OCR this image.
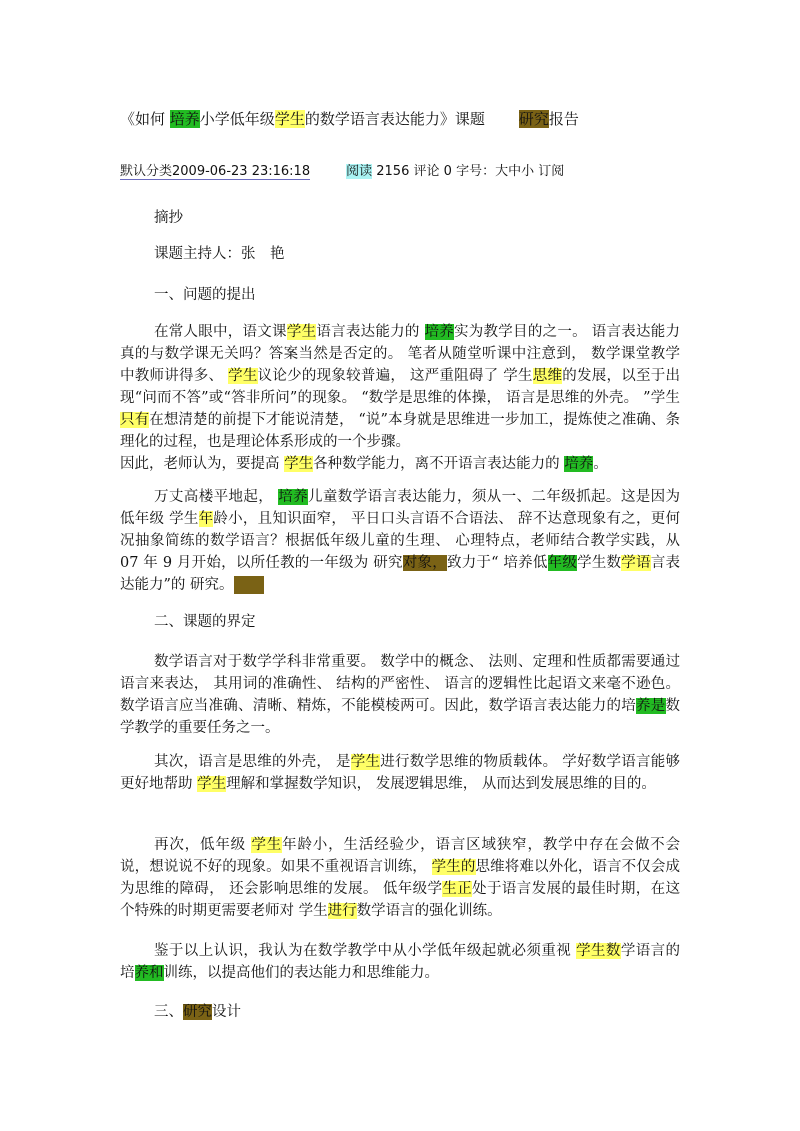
《如何 培养小学低年级学生的数学语言表达能力》课题 研究报告
默认分类2009-06-23 23:16:18	阅读 2156 评论 0 字号：大中小 订阅
摘抄
课题主持人：张　艳
一、问题的提出

在常人眼中，语文课学生语言表达能力的 培养实为教学目的之一。 语言表达能力真的与数学课无关吗？答案当然是否定的。 笔者从随堂听课中注意到， 数学课堂教学中教师讲得多、 学生议论少的现象较普遍， 这严重阻碍了 学生思维的发展，以至于出现“问而不答”或“答非所问”的现象。 “数学是思维的体操， 语言是思维的外壳。 ”学生 只有在想清楚的前提下才能说清楚， “说”本身就是思维进一步加工，提炼使之准确、条理化的过程，也是理论体系形成的一个步骤。

因此，老师认为，要提高 学生各种数学能力，离不开语言表达能力的 培养。

万丈高楼平地起， 培养儿童数学语言表达能力，须从一、二年级抓起。这是因为低年级 学生年龄小，且知识面窄， 平日口头言语不合语法、 辞不达意现象有之，更何况抽象简练的数学语言？根据低年级儿童的生理、 心理特点，老师结合教学实践，从 07 年 9 月开始，以所任教的一年级为 研究对象，致力于“ 培养低年级学生数学语言表达能力”的 研究。

二、课题的界定

数学语言对于数学学科非常重要。 数学中的概念、 法则、定理和性质都需要通过语言来表达， 其用词的准确性、 结构的严密性、 语言的逻辑性比起语文来毫不逊色。数学语言应当准确、清晰、精炼，不能模棱两可。因此，数学语言表达能力的培养是数学教学的重要任务之一。

其次，语言是思维的外壳， 是学生进行数学思维的物质载体。 学好数学语言能够更好地帮助 学生理解和掌握数学知识， 发展逻辑思维， 从而达到发展思维的目的。

再次，低年级 学生年龄小，生活经验少，语言区域狭窄，教学中存在会做不会说，想说说不好的现象。如果不重视语言训练， 学生的思维将难以外化，语言不仅会成为思维的障碍， 还会影响思维的发展。 低年级学生正处于语言发展的最佳时期，在这个特殊的时期更需要老师对 学生进行数学语言的强化训练。

鉴于以上认识，我认为在数学教学中从小学低年级起就必须重视 学生数学语言的培养和训练，以提高他们的表达能力和思维能力。

三、研究设计
